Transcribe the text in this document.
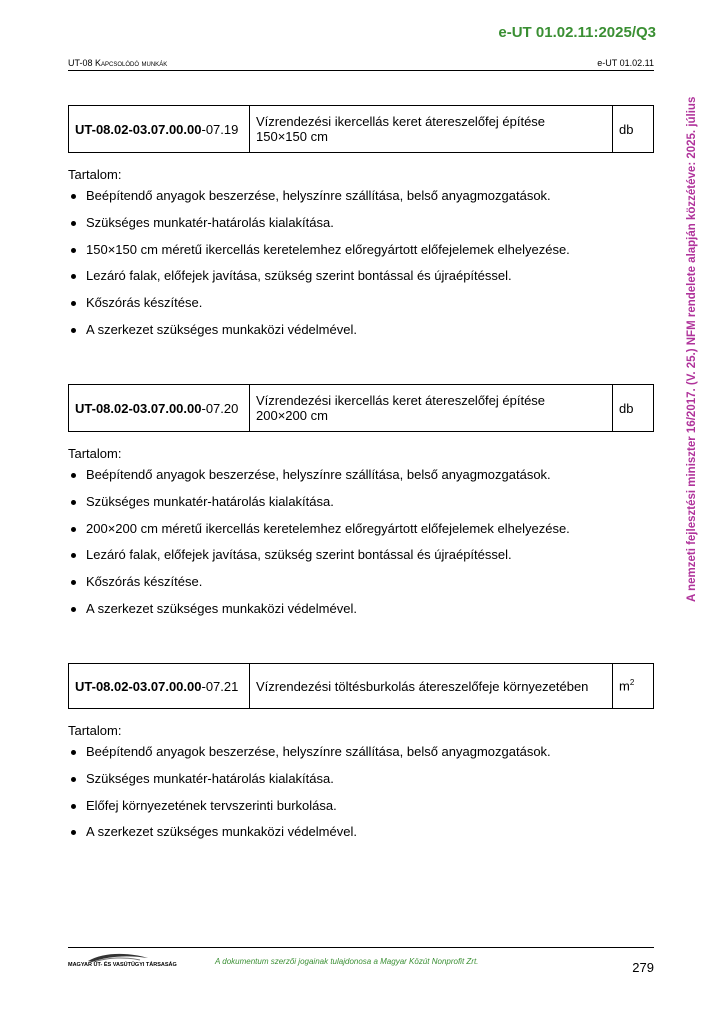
e-UT 01.02.11:2025/Q3
UT-08 Kapcsolódó munkák	e-UT 01.02.11
A nemzeti fejlesztési miniszter 16/2017. (V. 25.) NFM rendelete alapján közzétéve: 2025. július
UT-08.02-03.07.00.00-07.19	Vízrendezési ikercellás keret átereszelőfej építése
150×150 cm	db
Tartalom:
Beépítendő anyagok beszerzése, helyszínre szállítása, belső anyagmozgatások.
Szükséges munkatér-határolás kialakítása.
150×150 cm méretű ikercellás keretelemhez előregyártott előfejelemek elhelyezése.
Lezáró falak, előfejek javítása, szükség szerint bontással és újraépítéssel.
Kőszórás készítése.
A szerkezet szükséges munkaközi védelmével.
UT-08.02-03.07.00.00-07.20	Vízrendezési ikercellás keret átereszelőfej építése
200×200 cm	db
Tartalom:
Beépítendő anyagok beszerzése, helyszínre szállítása, belső anyagmozgatások.
Szükséges munkatér-határolás kialakítása.
200×200 cm méretű ikercellás keretelemhez előregyártott előfejelemek elhelyezése.
Lezáró falak, előfejek javítása, szükség szerint bontással és újraépítéssel.
Kőszórás készítése.
A szerkezet szükséges munkaközi védelmével.
UT-08.02-03.07.00.00-07.21	Vízrendezési töltésburkolás átereszelőfeje környezetében	$m^2$
Tartalom:
Beépítendő anyagok beszerzése, helyszínre szállítása, belső anyagmozgatások.
Szükséges munkatér-határolás kialakítása.
Előfej környezetének tervszerinti burkolása.
A szerkezet szükséges munkaközi védelmével.
MAGYAR ÚT- ÉS VASÚTÜGYI TÁRSASÁG	A dokumentum szerzői jogainak tulajdonosa a Magyar Közút Nonprofit Zrt.	279
